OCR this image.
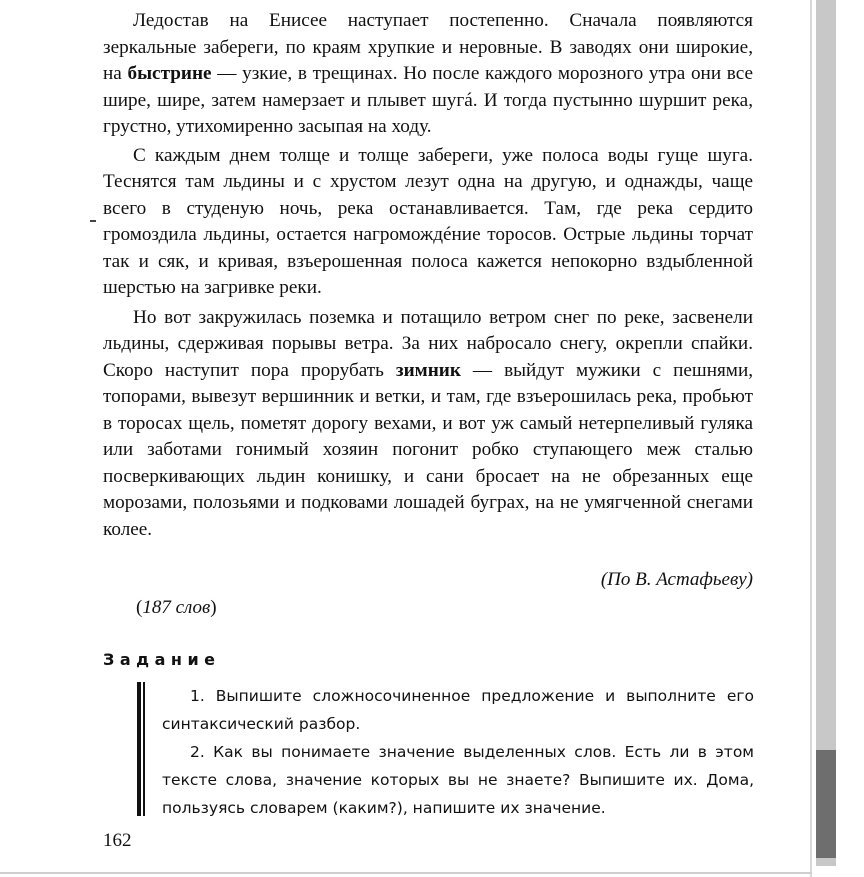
Ледостав на Енисее наступает постепенно. Сначала появляются зеркальные забереги, по краям хрупкие и неровные. В заводях они широкие, на быстрине — узкие, в трещинах. Но после каждого морозного утра они все шире, шире, затем намерзает и плывет шугá. И тогда пустынно шуршит река, грустно, утихомиренно засыпая на ходу.

С каждым днем толще и толще забереги, уже полоса воды гуще шуга. Теснятся там льдины и с хрустом лезут одна на другую, и однажды, чаще всего в студеную ночь, река останавливается. Там, где река сердито громоздила льдины, остается нагромождéние торосов. Острые льдины торчат так и сяк, и кривая, взъерошенная полоса кажется непокорно вздыбленной шерстью на загривке реки.

Но вот закружилась поземка и потащило ветром снег по реке, засвенели льдины, сдерживая порывы ветра. За них набросало снегу, окрепли спайки. Скоро наступит пора прорубать зимник — выйдут мужики с пешнями, топорами, вывезут вершинник и ветки, и там, где взъерошилась река, пробьют в торосах щель, пометят дорогу вехами, и вот уж самый нетерпеливый гуляка или заботами гонимый хозяин погонит робко ступающего меж сталью посверкивающих льдин конишку, и сани бросает на не обрезанных еще морозами, полозьями и подковами лошадей буграх, на не умягченной снегами колее.

(По В. Астафьеву)
(187 слов)
Задание

1. Выпишите сложносочиненное предложение и выполните его синтаксический разбор.

2. Как вы понимаете значение выделенных слов. Есть ли в этом тексте слова, значение которых вы не знаете? Выпишите их. Дома, пользуясь словарем (каким?), напишите их значение.

162
